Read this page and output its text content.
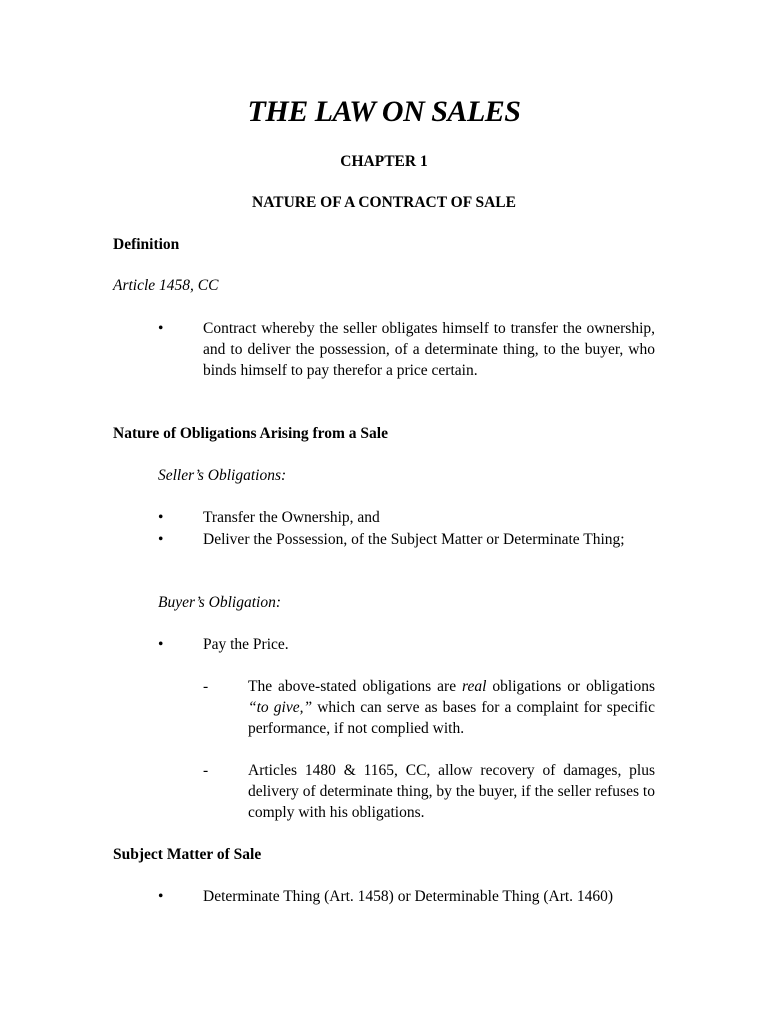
THE LAW ON SALES
CHAPTER 1
NATURE OF A CONTRACT OF SALE
Definition
Article 1458, CC
•	Contract whereby the seller obligates himself to transfer the ownership, and to deliver the possession, of a determinate thing, to the buyer, who binds himself to pay therefor a price certain.
Nature of Obligations Arising from a Sale
Seller’s Obligations:
•	Transfer the Ownership, and
•	Deliver the Possession, of the Subject Matter or Determinate Thing;
Buyer’s Obligation:
•	Pay the Price.
-	The above-stated obligations are real obligations or obligations “to give,” which can serve as bases for a complaint for specific performance, if not complied with.
-	Articles 1480 & 1165, CC, allow recovery of damages, plus delivery of determinate thing, by the buyer, if the seller refuses to comply with his obligations.
Subject Matter of Sale
•	Determinate Thing (Art. 1458) or Determinable Thing (Art. 1460)
